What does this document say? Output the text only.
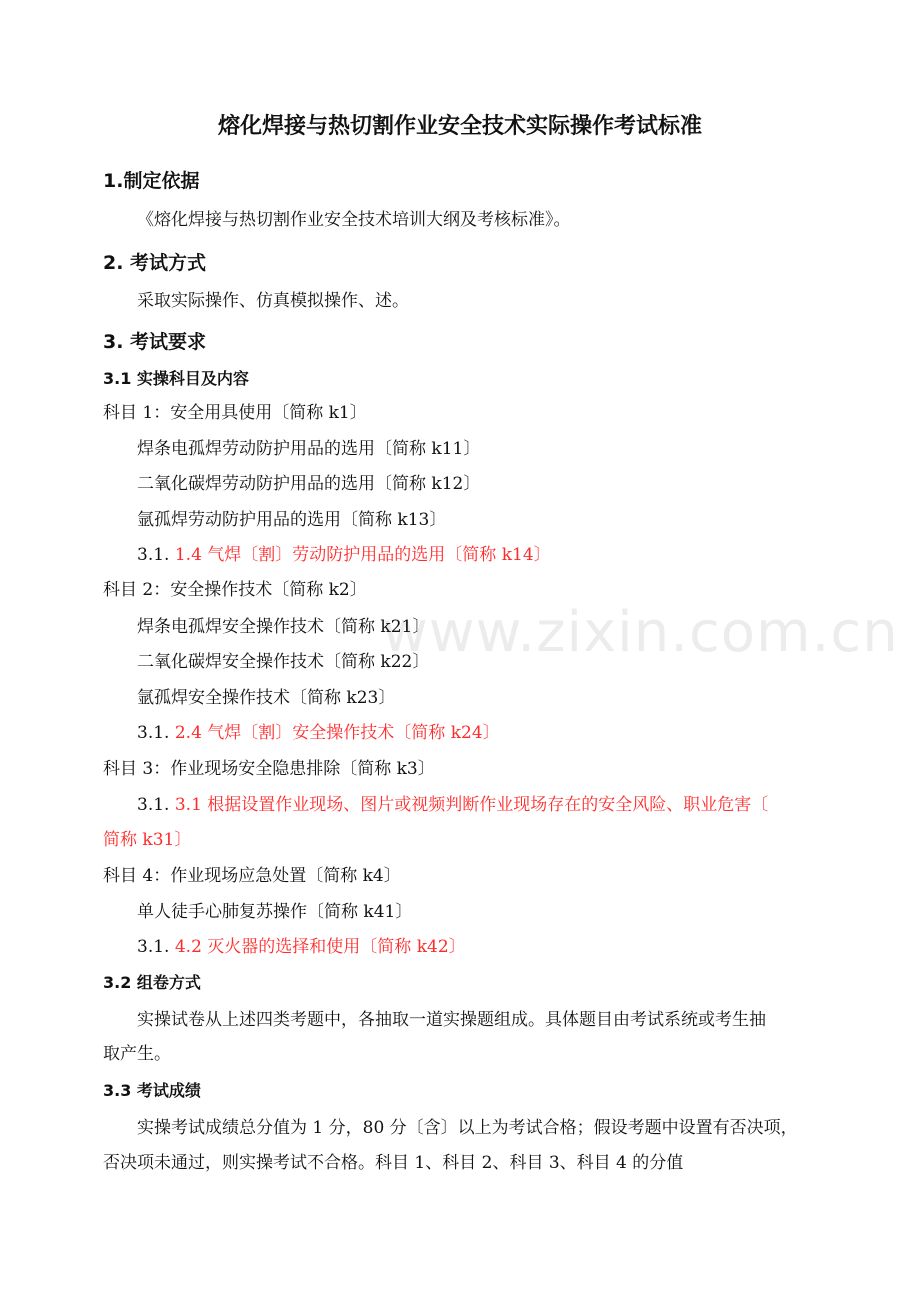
www.zixin.com.cn
熔化焊接与热切割作业安全技术实际操作考试标准
1.制定依据
《熔化焊接与热切割作业安全技术培训大纲及考核标准》。
2. 考试方式
采取实际操作、仿真模拟操作、述。
3. 考试要求
3.1 实操科目及内容
科目 1：安全用具使用〔简称 k1〕
焊条电孤焊劳动防护用品的选用〔简称 k11〕
二氧化碳焊劳动防护用品的选用〔简称 k12〕
氩孤焊劳动防护用品的选用〔简称 k13〕
3.1. 1.4 气焊〔割〕劳动防护用品的选用〔简称 k14〕
科目 2：安全操作技术〔简称 k2〕
焊条电孤焊安全操作技术〔简称 k21〕
二氧化碳焊安全操作技术〔简称 k22〕
氩孤焊安全操作技术〔简称 k23〕
3.1. 2.4 气焊〔割〕安全操作技术〔简称 k24〕
科目 3：作业现场安全隐患排除〔简称 k3〕
3.1. 3.1 根据设置作业现场、图片或视频判断作业现场存在的安全风险、职业危害〔
简称 k31〕
科目 4：作业现场应急处置〔简称 k4〕
单人徒手心肺复苏操作〔简称 k41〕
3.1. 4.2 灭火器的选择和使用〔简称 k42〕
3.2 组卷方式
实操试卷从上述四类考题中，各抽取一道实操题组成。具体题目由考试系统或考生抽
取产生。
3.3 考试成绩
实操考试成绩总分值为 1 分，80 分〔含〕以上为考试合格；假设考题中设置有否决项，
否决项未通过，则实操考试不合格。科目 1、科目 2、科目 3、科目 4 的分值
